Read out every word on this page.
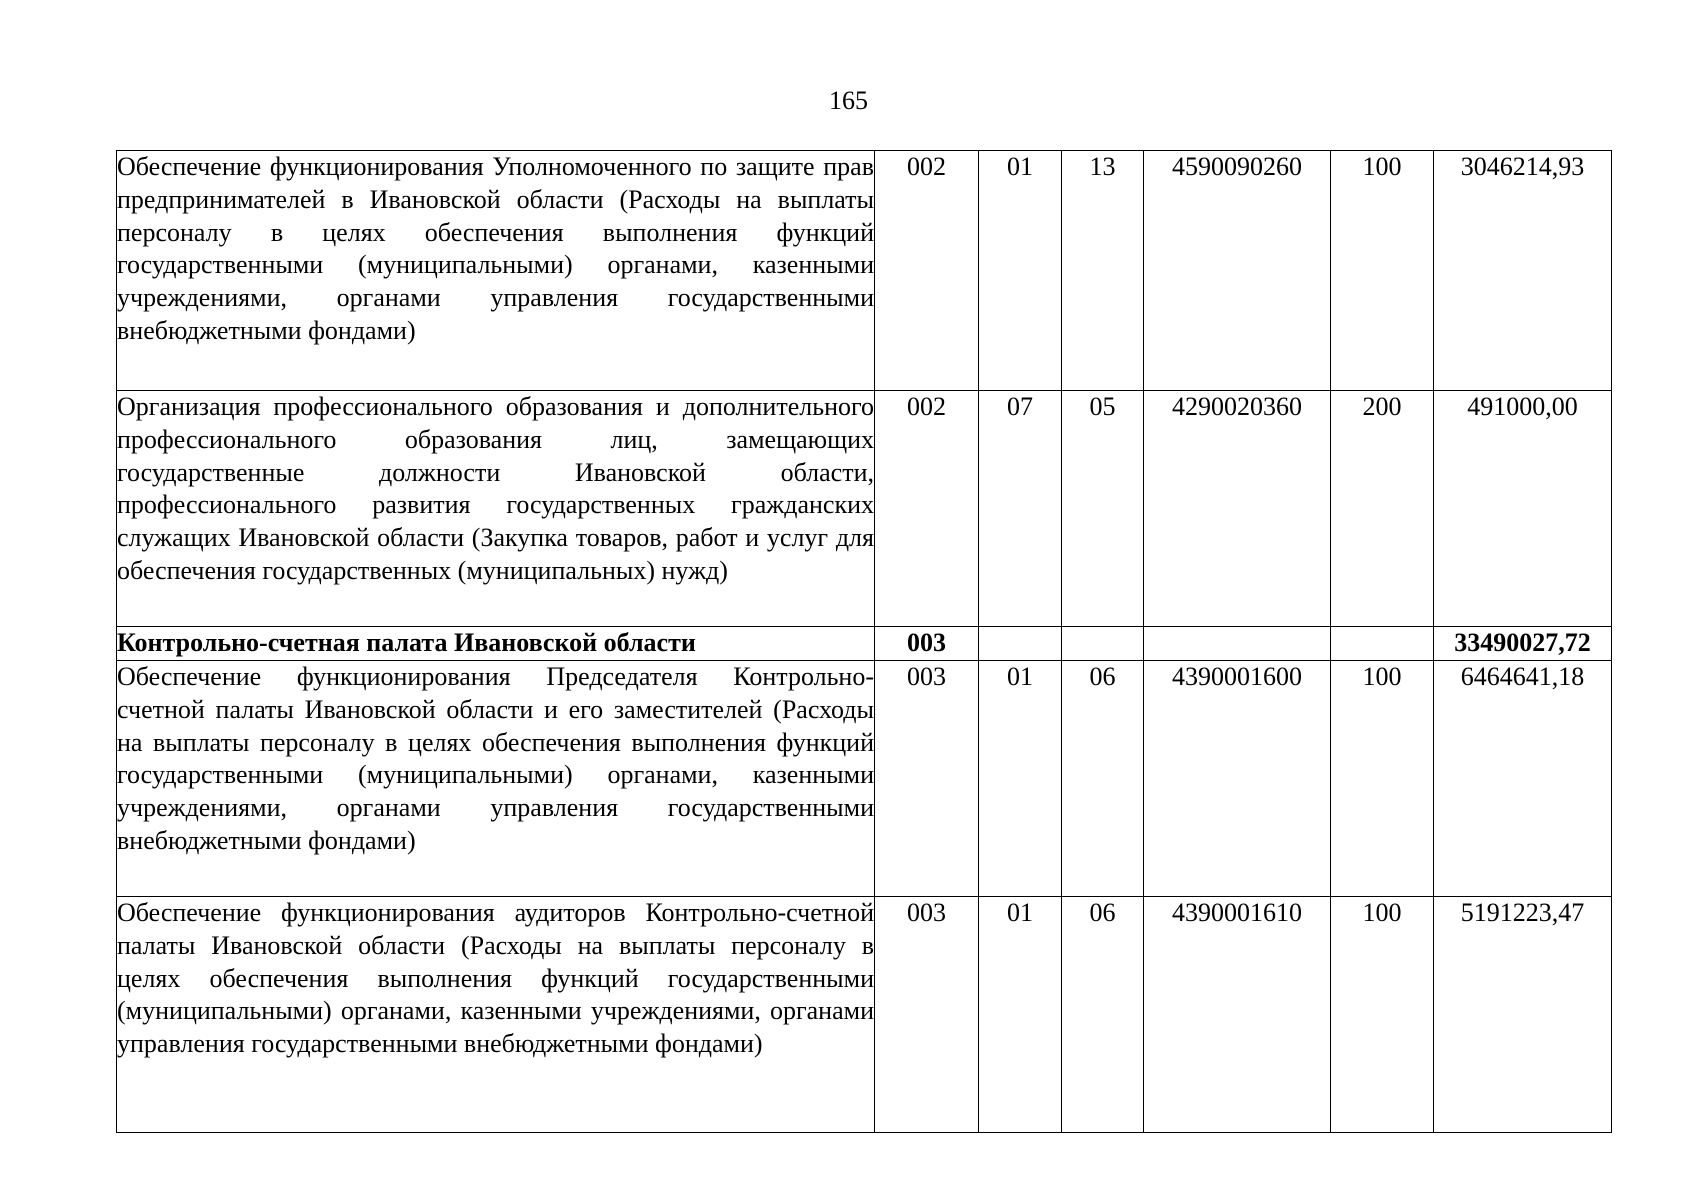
165
Обеспечение функционирования Уполномоченного по защите прав предпринимателей в Ивановской области (Расходы на выплаты персоналу в целях обеспечения выполнения функций государственными (муниципальными) органами, казенными учреждениями, органами управления государственными внебюджетными фондами)	002	01	13	4590090260	100	3046214,93
Организация профессионального образования и дополнительного профессионального образования лиц, замещающих государственные должности Ивановской области, профессионального развития государственных гражданских служащих Ивановской области (Закупка товаров, работ и услуг для обеспечения государственных (муниципальных) нужд)	002	07	05	4290020360	200	491000,00
Контрольно-счетная палата Ивановской области	003					33490027,72
Обеспечение функционирования Председателя Контрольно-счетной палаты Ивановской области и его заместителей (Расходы на выплаты персоналу в целях обеспечения выполнения функций государственными (муниципальными) органами, казенными учреждениями, органами управления государственными внебюджетными фондами)	003	01	06	4390001600	100	6464641,18
Обеспечение функционирования аудиторов Контрольно-счетной палаты Ивановской области (Расходы на выплаты персоналу в целях обеспечения выполнения функций государственными (муниципальными) органами, казенными учреждениями, органами управления государственными внебюджетными фондами)	003	01	06	4390001610	100	5191223,47
